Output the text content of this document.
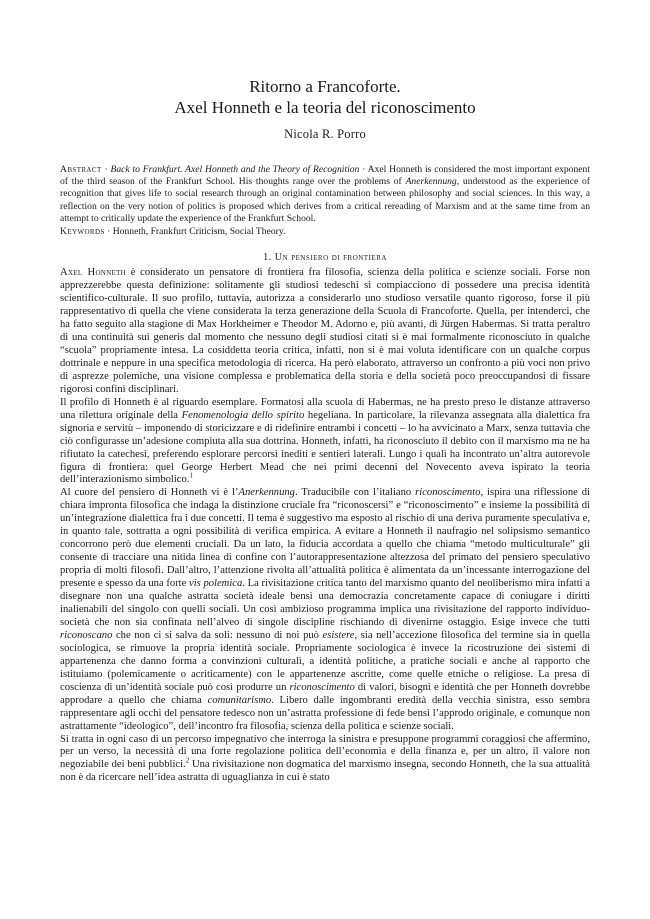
Ritorno a Francoforte.
Axel Honneth e la teoria del riconoscimento
Nicola R. Porro
Abstract · Back to Frankfurt. Axel Honneth and the Theory of Recognition · Axel Honneth is considered the most important exponent of the third season of the Frankfurt School. His thoughts range over the problems of Anerkennung, understood as the experience of recognition that gives life to social research through an original contamination between philosophy and social sciences. In this way, a reflection on the very notion of politics is proposed which derives from a critical rereading of Marxism and at the same time from an attempt to critically update the experience of the Frankfurt School.
Keywords · Honneth, Frankfurt Criticism, Social Theory.
1. Un pensiero di frontiera

Axel Honneth è considerato un pensatore di frontiera fra filosofia, scienza della politica e scienze sociali. Forse non apprezzerebbe questa definizione: solitamente gli studiosi tedeschi si compiacciono di possedere una precisa identità scientifico-culturale. Il suo profilo, tuttavia, autorizza a considerarlo uno studioso versatile quanto rigoroso, forse il più rappresentativo di quella che viene considerata la terza generazione della Scuola di Francoforte. Quella, per intenderci, che ha fatto seguito alla stagione di Max Horkheimer e Theodor M. Adorno e, più avanti, di Jürgen Habermas. Si tratta peraltro di una continuità sui generis dal momento che nessuno degli studiosi citati si è mai formalmente riconosciuto in qualche “scuola” propriamente intesa. La cosiddetta teoria critica, infatti, non si è mai voluta identificare con un qualche corpus dottrinale e neppure in una specifica metodologia di ricerca. Ha però elaborato, attraverso un confronto a più voci non privo di asprezze polemiche, una visione complessa e problematica della storia e della società poco preoccupandosi di fissare rigorosi confini disciplinari.

Il profilo di Honneth è al riguardo esemplare. Formatosi alla scuola di Habermas, ne ha presto preso le distanze attraverso una rilettura originale della Fenomenologia dello spirito hegeliana. In particolare, la rilevanza assegnata alla dialettica fra signoria e servitù – imponendo di storicizzare e di ridefinire entrambi i concetti – lo ha avvicinato a Marx, senza tuttavia che ciò configurasse un’adesione compiuta alla sua dottrina. Honneth, infatti, ha riconosciuto il debito con il marxismo ma ne ha rifiutato la catechesi, preferendo esplorare percorsi inediti e sentieri laterali. Lungo i quali ha incontrato un’altra autorevole figura di frontiera: quel George Herbert Mead che nei primi decenni del Novecento aveva ispirato la teoria dell’interazionismo simbolico.$^1$

Al cuore del pensiero di Honneth vi è l’Anerkennung. Traducibile con l’italiano riconoscimento, ispira una riflessione di chiara impronta filosofica che indaga la distinzione cruciale fra “riconoscersi” e “riconoscimento” e insieme la possibilità di un’integrazione dialettica fra i due concetti. Il tema è suggestivo ma esposto al rischio di una deriva puramente speculativa e, in quanto tale, sottratta a ogni possibilità di verifica empirica. A evitare a Honneth il naufragio nel solipsismo semantico concorrono però due elementi cruciali. Da un lato, la fiducia accordata a quello che chiama “metodo multiculturale” gli consente di tracciare una nitida linea di confine con l’autorappresentazione altezzosa del primato del pensiero speculativo propria di molti filosofi. Dall’altro, l’attenzione rivolta all’attualità politica è alimentata da un’incessante interrogazione del presente e spesso da una forte vis polemica. La rivisitazione critica tanto del marxismo quanto del neoliberismo mira infatti a disegnare non una qualche astratta società ideale bensì una democrazia concretamente capace di coniugare i diritti inalienabili del singolo con quelli sociali. Un così ambizioso programma implica una rivisitazione del rapporto individuo-società che non sia confinata nell’alveo di singole discipline rischiando di divenirne ostaggio. Esige invece che tutti riconoscano che non ci si salva da soli: nessuno di noi può esistere, sia nell’accezione filosofica del termine sia in quella sociologica, se rimuove la propria identità sociale. Propriamente sociologica è invece la ricostruzione dei sistemi di appartenenza che danno forma a convinzioni culturali, a identità politiche, a pratiche sociali e anche al rapporto che istituiamo (polemicamente o acriticamente) con le appartenenze ascritte, come quelle etniche o religiose. La presa di coscienza di un’identità sociale può così produrre un riconoscimento di valori, bisogni e identità che per Honneth dovrebbe approdare a quello che chiama comunitarismo. Libero dalle ingombranti eredità della vecchia sinistra, esso sembra rappresentare agli occhi del pensatore tedesco non un’astratta professione di fede bensì l’approdo originale, e comunque non astrattamente “ideologico”, dell’incontro fra filosofia, scienza della politica e scienze sociali.

Si tratta in ogni caso di un percorso impegnativo che interroga la sinistra e presuppone programmi coraggiosi che affermino, per un verso, la necessità di una forte regolazione politica dell’economia e della finanza e, per un altro, il valore non negoziabile dei beni pubblici.$^2$ Una rivisitazione non dogmatica del marxismo insegna, secondo Honneth, che la sua attualità non è da ricercare nell’idea astratta di uguaglianza in cui è stato
